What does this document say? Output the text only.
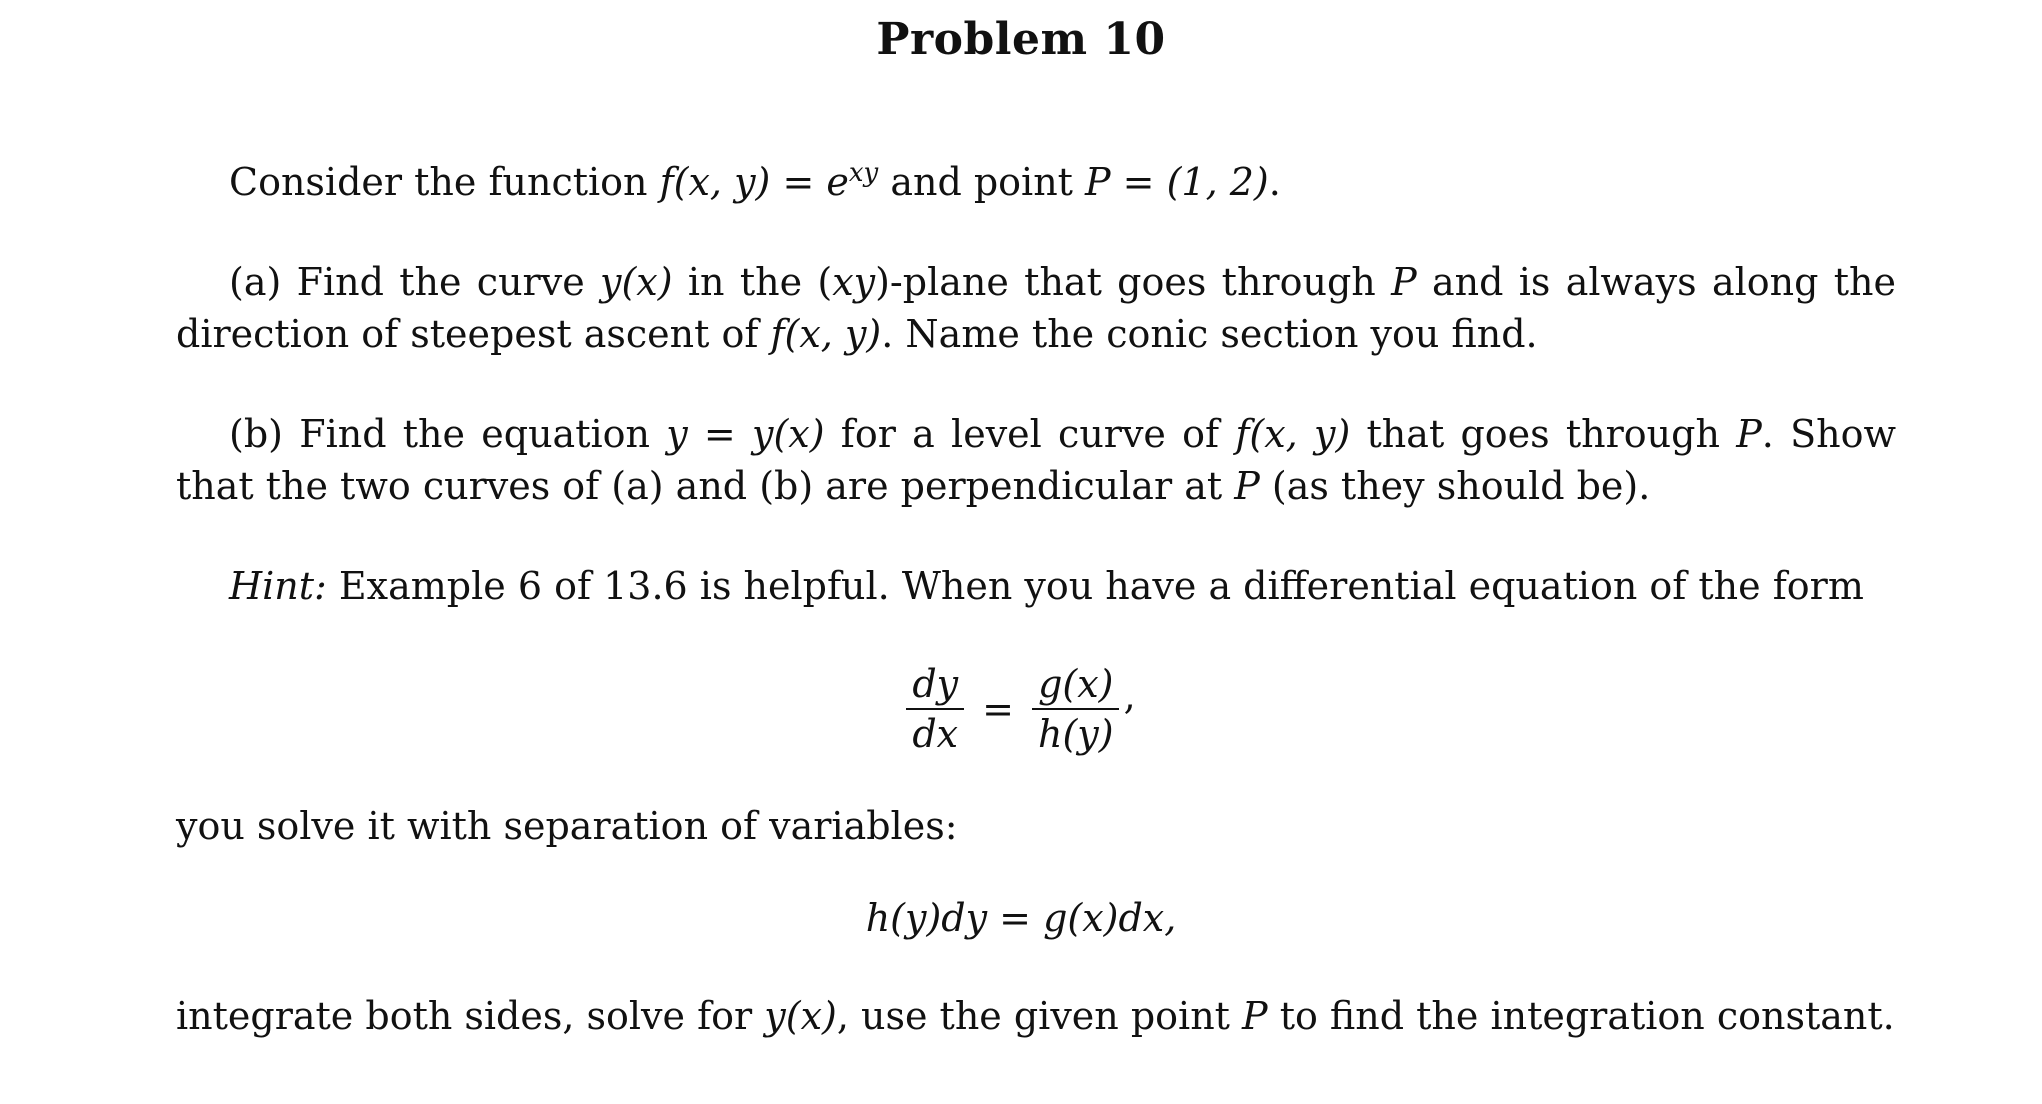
Problem 10
Consider the function f(x, $y) = e^{xy}$ and point P = (1, 2).
(a) Find the curve y(x) in the (xy)-plane that goes through P and is always along the direction of steepest ascent of f(x, y). Name the conic section you find.
(b) Find the equation y = y(x) for a level curve of f(x, y) that goes through P. Show that the two curves of (a) and (b) are perpendicular at P (as they should be).
Hint: Example 6 of 13.6 is helpful. When you have a differential equation of the form
$\frac{dy}{dx} = \frac{g(x)}{h(y)}$ ,
you solve it with separation of variables:
h(y)dy = g(x)dx,
integrate both sides, solve for y(x), use the given point P to find the integration constant.
